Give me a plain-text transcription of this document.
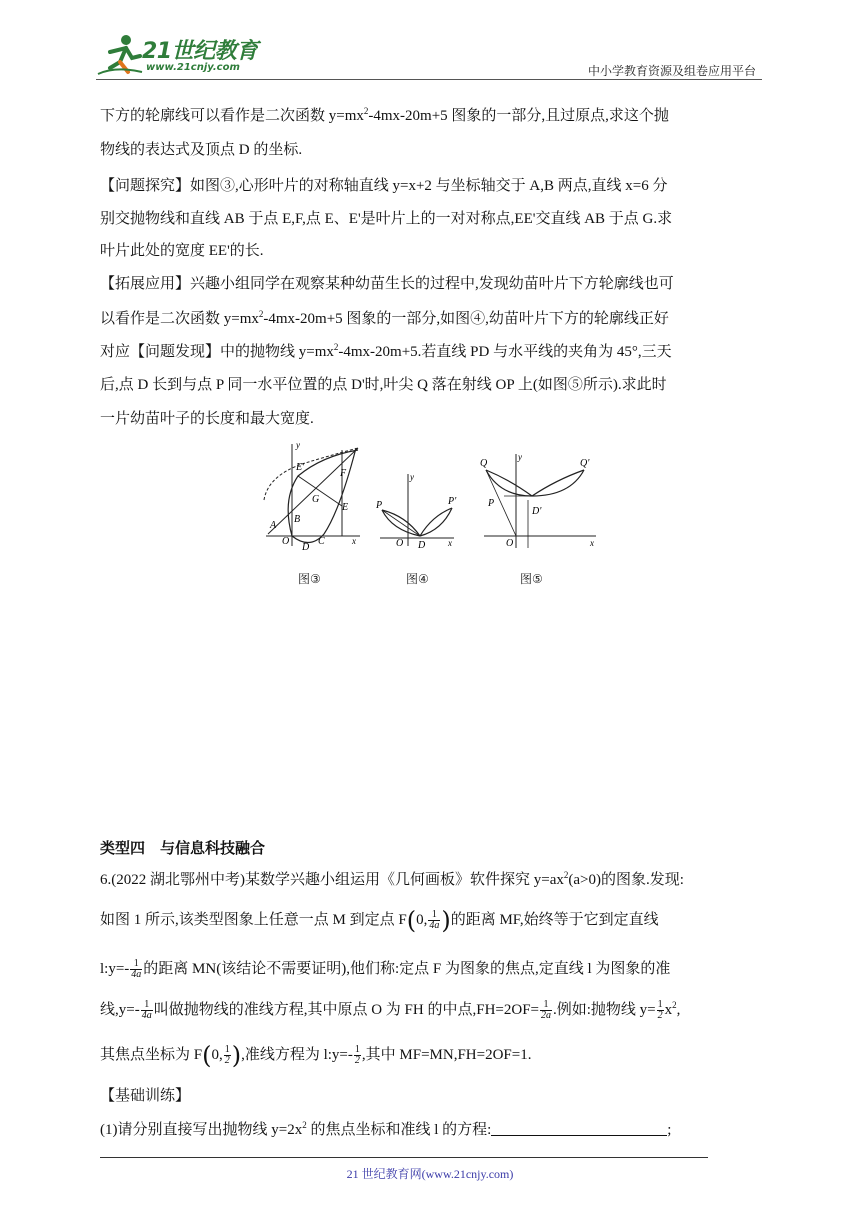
21世纪教育
www.21cnjy.com	中小学教育资源及组卷应用平台
下方的轮廓线可以看作是二次函数 $y=mx^2-4mx-20m+5$ 图象的一部分,且过原点,求这个抛
物线的表达式及顶点 D 的坐标.
【问题探究】如图③,心形叶片的对称轴直线 y=x+2 与坐标轴交于 A,B 两点,直线 x=6 分
别交抛物线和直线 AB 于点 E,F,点 E、E'是叶片上的一对对称点,EE'交直线 AB 于点 G.求
叶片此处的宽度 EE'的长.
【拓展应用】兴趣小组同学在观察某种幼苗生长的过程中,发现幼苗叶片下方轮廓线也可
以看作是二次函数 $y=mx^2-4mx-20m+5$ 图象的一部分,如图④,幼苗叶片下方的轮廓线正好
对应【问题发现】中的抛物线 $y=mx^2-4mx-20m+5$.若直线 PD 与水平线的夹角为 45°,三天
后,点 D 长到与点 P 同一水平位置的点 D'时,叶尖 Q 落在射线 OP 上(如图⑤所示).求此时
一片幼苗叶子的长度和最大宽度.
y
E'
F
G
B
E
A
O
D
C	x
图③
y
P	P'
O D	x
图④
y
Q	Q'
P
D'
O	x
图⑤
类型四　与信息科技融合
6.(2022 湖北鄂州中考)某数学兴趣小组运用《几何画板》软件探究 $y=ax^2(a>0)$的图象.发现:
如图 1 所示,该类型图象上任意一点 M 到定点 F(0, $\frac{1}{4a}$ )的距离 MF,始终等于它到定直线
l:y=- $\frac{1}{4a}$ 的距离 MN(该结论不需要证明),他们称:定点 F 为图象的焦点,定直线 l 为图象的准
线$,y=- \frac{1}{4a}$ 叫做抛物线的准线方程,其中原点 O 为 FH 的中点$,FH=2OF= \frac{1}{2a}$ .例如:抛物线 $y= \frac{1}{2} x^2$,
其焦点坐标为 F(0, $\frac{1}{2}$ ),准线方程为 l:y=- $\frac{1}{2}$ ,其中 MF=MN,FH=2OF=1.
【基础训练】
(1)请分别直接写出抛物线 $y=2x^2$ 的焦点坐标和准线 l 的方程:	;
21 世纪教育网(www.21cnjy.com)
